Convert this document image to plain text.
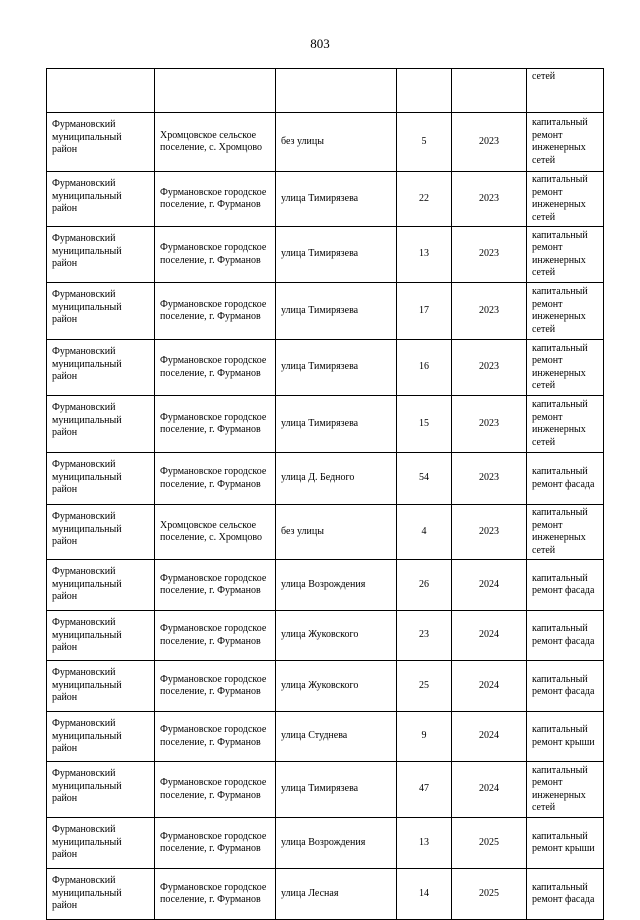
803
					сетей
Фурмановский муниципальный район	Хромцовское сельское поселение, с. Хромцово	без улицы	5	2023	капитальный ремонт инженерных сетей
Фурмановский муниципальный район	Фурмановское городское поселение, г. Фурманов	улица Тимирязева	22	2023	капитальный ремонт инженерных сетей
Фурмановский муниципальный район	Фурмановское городское поселение, г. Фурманов	улица Тимирязева	13	2023	капитальный ремонт инженерных сетей
Фурмановский муниципальный район	Фурмановское городское поселение, г. Фурманов	улица Тимирязева	17	2023	капитальный ремонт инженерных сетей
Фурмановский муниципальный район	Фурмановское городское поселение, г. Фурманов	улица Тимирязева	16	2023	капитальный ремонт инженерных сетей
Фурмановский муниципальный район	Фурмановское городское поселение, г. Фурманов	улица Тимирязева	15	2023	капитальный ремонт инженерных сетей
Фурмановский муниципальный район	Фурмановское городское поселение, г. Фурманов	улица Д. Бедного	54	2023	капитальный ремонт фасада
Фурмановский муниципальный район	Хромцовское сельское поселение, с. Хромцово	без улицы	4	2023	капитальный ремонт инженерных сетей
Фурмановский муниципальный район	Фурмановское городское поселение, г. Фурманов	улица Возрождения	26	2024	капитальный ремонт фасада
Фурмановский муниципальный район	Фурмановское городское поселение, г. Фурманов	улица Жуковского	23	2024	капитальный ремонт фасада
Фурмановский муниципальный район	Фурмановское городское поселение, г. Фурманов	улица Жуковского	25	2024	капитальный ремонт фасада
Фурмановский муниципальный район	Фурмановское городское поселение, г. Фурманов	улица Студнева	9	2024	капитальный ремонт крыши
Фурмановский муниципальный район	Фурмановское городское поселение, г. Фурманов	улица Тимирязева	47	2024	капитальный ремонт инженерных сетей
Фурмановский муниципальный район	Фурмановское городское поселение, г. Фурманов	улица Возрождения	13	2025	капитальный ремонт крыши
Фурмановский муниципальный район	Фурмановское городское поселение, г. Фурманов	улица Лесная	14	2025	капитальный ремонт фасада
